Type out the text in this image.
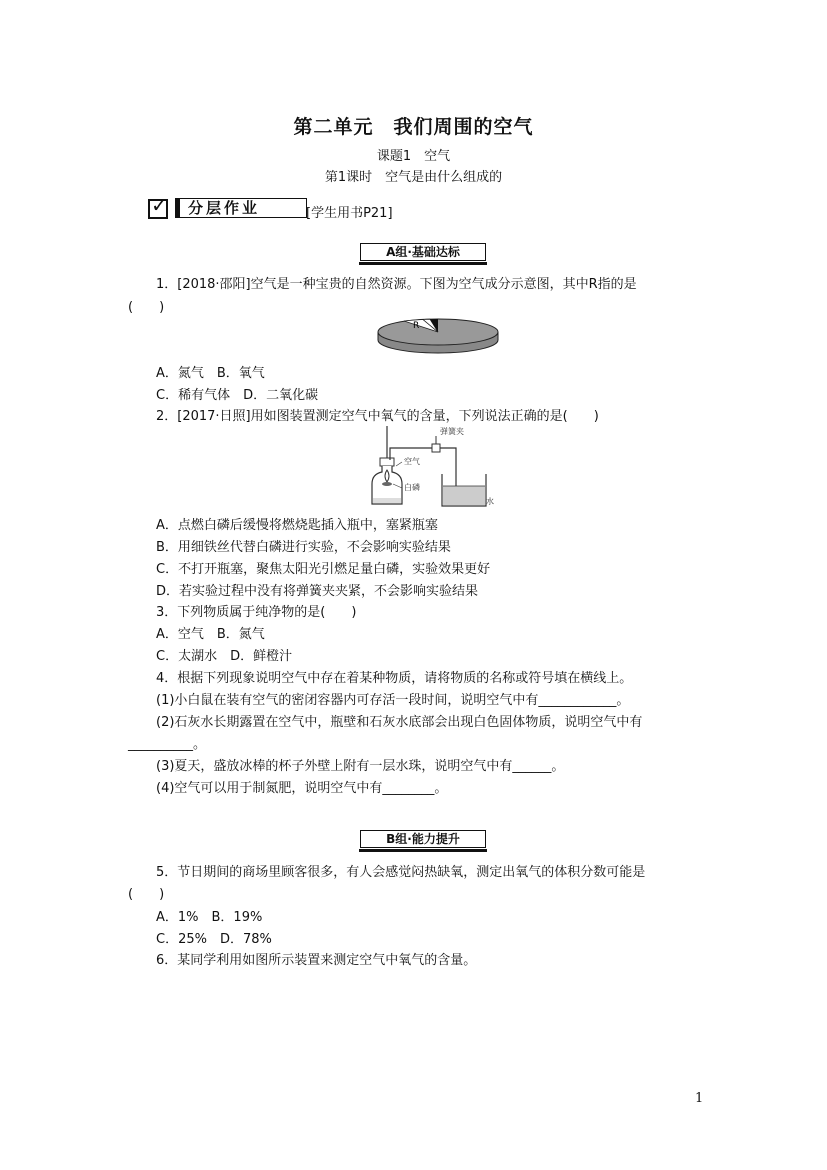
第二单元　我们周围的空气
课题1　空气
第1课时　空气是由什么组成的
✓	分层作业	[学生用书P21]
A组·基础达标
1．[2018·邵阳]空气是一种宝贵的自然资源。下图为空气成分示意图，其中R指的是
(　　)
R
A．氮气　B．氧气
C．稀有气体　D．二氧化碳
2．[2017·日照]用如图装置测定空气中氧气的含量，下列说法正确的是(　　)
弹簧夹
空气
白磷
水
A．点燃白磷后缓慢将燃烧匙插入瓶中，塞紧瓶塞
B．用细铁丝代替白磷进行实验，不会影响实验结果
C．不打开瓶塞，聚焦太阳光引燃足量白磷，实验效果更好
D．若实验过程中没有将弹簧夹夹紧，不会影响实验结果
3．下列物质属于纯净物的是(　　)
A．空气　B．氮气
C．太湖水　D．鲜橙汁
4．根据下列现象说明空气中存在着某种物质，请将物质的名称或符号填在横线上。
(1)小白鼠在装有空气的密闭容器内可存活一段时间，说明空气中有____________。
(2)石灰水长期露置在空气中，瓶壁和石灰水底部会出现白色固体物质，说明空气中有
__________。
(3)夏天，盛放冰棒的杯子外壁上附有一层水珠，说明空气中有______。
(4)空气可以用于制氮肥，说明空气中有________。
B组·能力提升
5．节日期间的商场里顾客很多，有人会感觉闷热缺氧，测定出氧气的体积分数可能是
(　　)
A．1%　B．19%
C．25%　D．78%
6．某同学利用如图所示装置来测定空气中氧气的含量。
1
